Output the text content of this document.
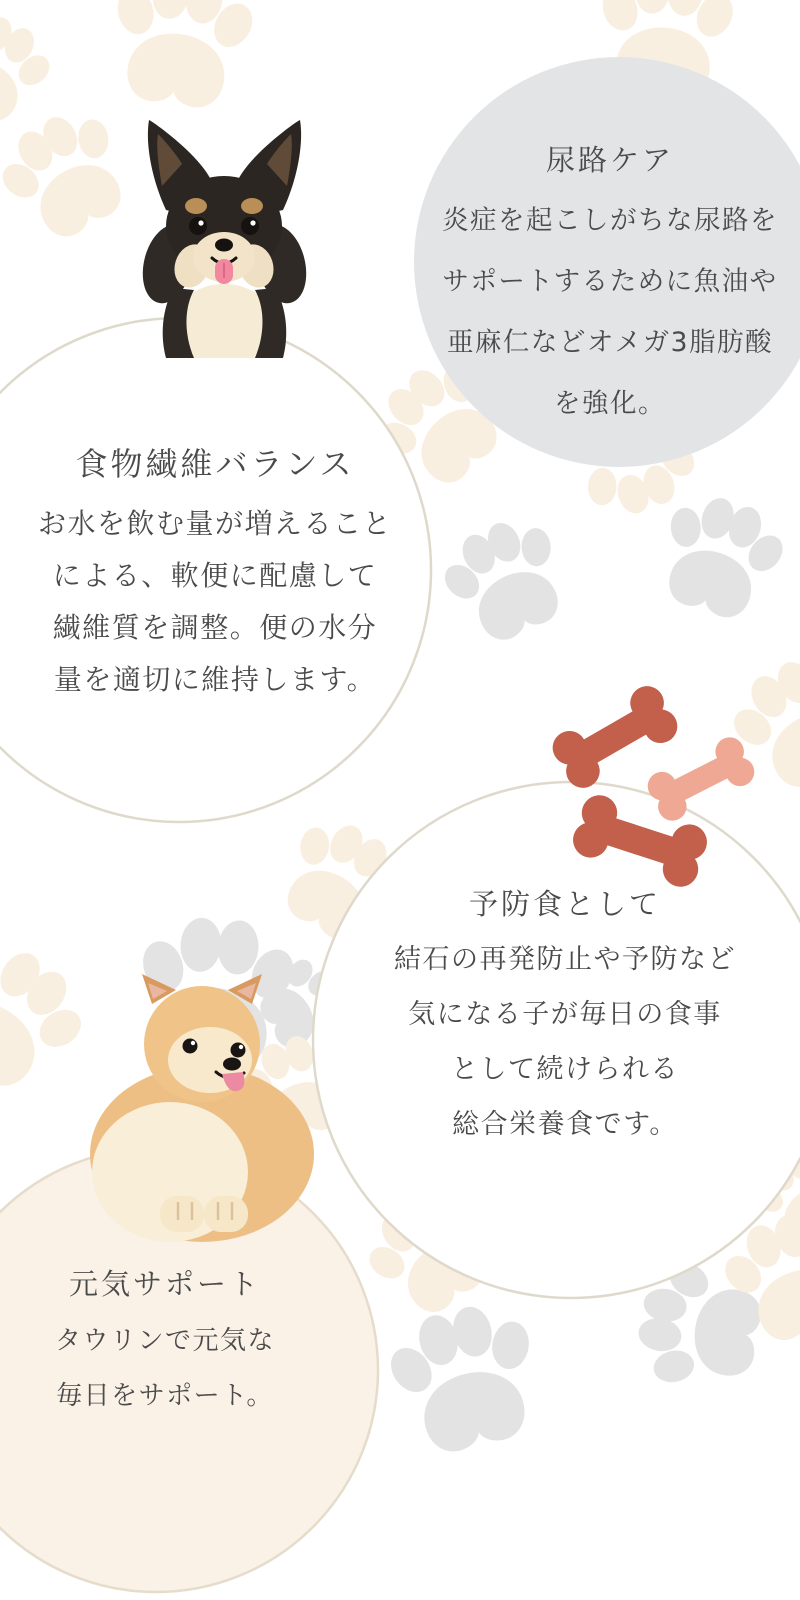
尿路ケア
炎症を起こしがちな尿路を
サポートするために魚油や
亜麻仁などオメガ3脂肪酸
を強化。
食物繊維バランス
お水を飲む量が増えること
による、軟便に配慮して
繊維質を調整。便の水分
量を適切に維持します。
予防食として
結石の再発防止や予防など
気になる子が毎日の食事
として続けられる
総合栄養食です。
元気サポート
タウリンで元気な
毎日をサポート。
